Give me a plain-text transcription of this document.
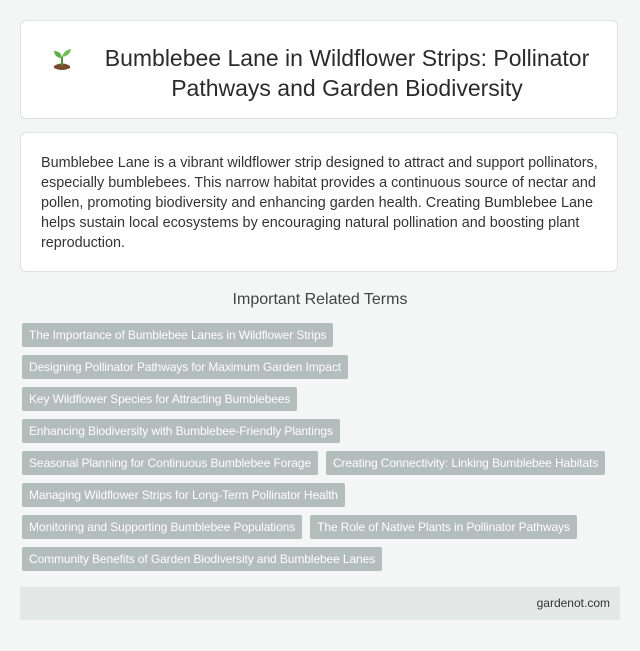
Bumblebee Lane in Wildflower Strips: Pollinator Pathways and Garden Biodiversity

Bumblebee Lane is a vibrant wildflower strip designed to attract and support pollinators, especially bumblebees. This narrow habitat provides a continuous source of nectar and pollen, promoting biodiversity and enhancing garden health. Creating Bumblebee Lane helps sustain local ecosystems by encouraging natural pollination and boosting plant reproduction.

Important Related Terms
The Importance of Bumblebee Lanes in Wildflower Strips
Designing Pollinator Pathways for Maximum Garden Impact
Key Wildflower Species for Attracting Bumblebees
Enhancing Biodiversity with Bumblebee-Friendly Plantings
Seasonal Planning for Continuous Bumblebee Forage	Creating Connectivity: Linking Bumblebee Habitats
Managing Wildflower Strips for Long-Term Pollinator Health
Monitoring and Supporting Bumblebee Populations	The Role of Native Plants in Pollinator Pathways
Community Benefits of Garden Biodiversity and Bumblebee Lanes
gardenot.com
